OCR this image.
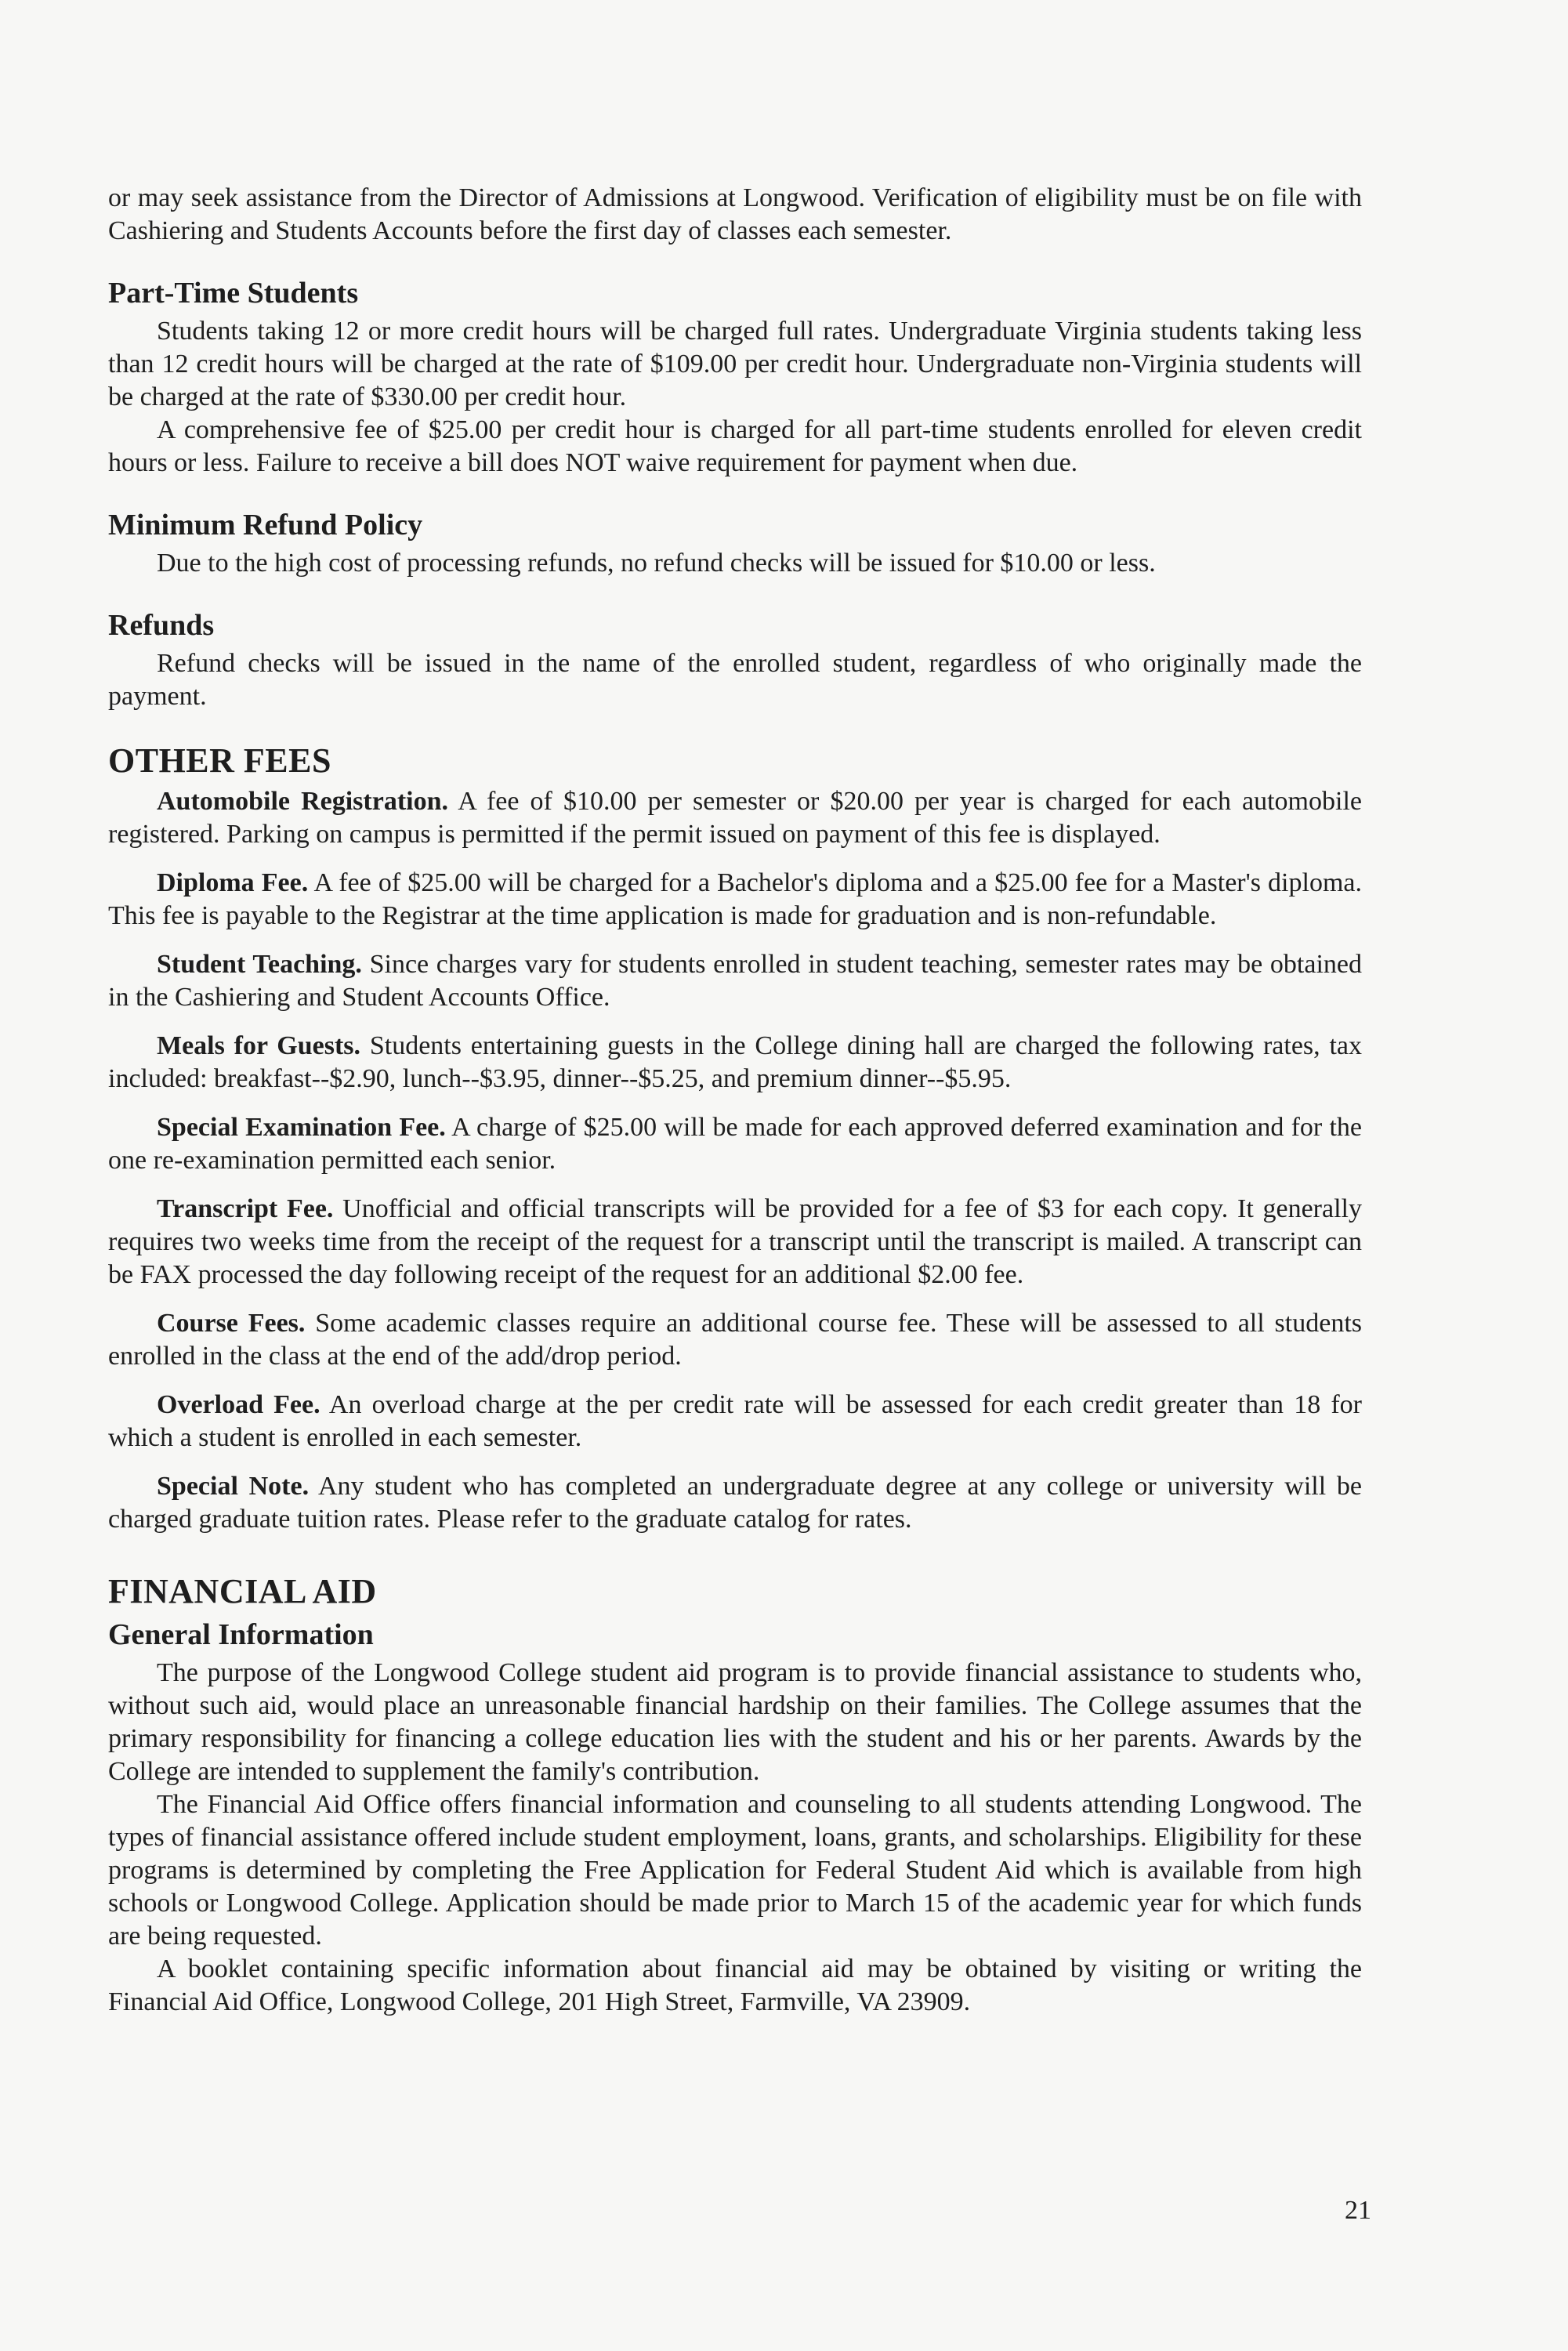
or may seek assistance from the Director of Admissions at Longwood. Verification of eligibility must be on file with Cashiering and Students Accounts before the first day of classes each semester.

Part-Time Students

Students taking 12 or more credit hours will be charged full rates. Undergraduate Virginia students taking less than 12 credit hours will be charged at the rate of $109.00 per credit hour. Undergraduate non-Virginia students will be charged at the rate of $330.00 per credit hour.

A comprehensive fee of $25.00 per credit hour is charged for all part-time students enrolled for eleven credit hours or less. Failure to receive a bill does NOT waive requirement for payment when due.

Minimum Refund Policy

Due to the high cost of processing refunds, no refund checks will be issued for $10.00 or less.

Refunds

Refund checks will be issued in the name of the enrolled student, regardless of who originally made the payment.

OTHER FEES

Automobile Registration. A fee of $10.00 per semester or $20.00 per year is charged for each automobile registered. Parking on campus is permitted if the permit issued on payment of this fee is displayed.

Diploma Fee. A fee of $25.00 will be charged for a Bachelor's diploma and a $25.00 fee for a Master's diploma. This fee is payable to the Registrar at the time application is made for graduation and is non-refundable.

Student Teaching. Since charges vary for students enrolled in student teaching, semester rates may be obtained in the Cashiering and Student Accounts Office.

Meals for Guests. Students entertaining guests in the College dining hall are charged the following rates, tax included: breakfast--$2.90, lunch--$3.95, dinner--$5.25, and premium dinner--$5.95.

Special Examination Fee. A charge of $25.00 will be made for each approved deferred examination and for the one re-examination permitted each senior.

Transcript Fee. Unofficial and official transcripts will be provided for a fee of $3 for each copy. It generally requires two weeks time from the receipt of the request for a transcript until the transcript is mailed. A transcript can be FAX processed the day following receipt of the request for an additional $2.00 fee.

Course Fees. Some academic classes require an additional course fee. These will be assessed to all students enrolled in the class at the end of the add/drop period.

Overload Fee. An overload charge at the per credit rate will be assessed for each credit greater than 18 for which a student is enrolled in each semester.

Special Note. Any student who has completed an undergraduate degree at any college or university will be charged graduate tuition rates. Please refer to the graduate catalog for rates.

FINANCIAL AID
General Information

The purpose of the Longwood College student aid program is to provide financial assistance to students who, without such aid, would place an unreasonable financial hardship on their families. The College assumes that the primary responsibility for financing a college education lies with the student and his or her parents. Awards by the College are intended to supplement the family's contribution.

The Financial Aid Office offers financial information and counseling to all students attending Longwood. The types of financial assistance offered include student employment, loans, grants, and scholarships. Eligibility for these programs is determined by completing the Free Application for Federal Student Aid which is available from high schools or Longwood College. Application should be made prior to March 15 of the academic year for which funds are being requested.

A booklet containing specific information about financial aid may be obtained by visiting or writing the Financial Aid Office, Longwood College, 201 High Street, Farmville, VA 23909.

21
